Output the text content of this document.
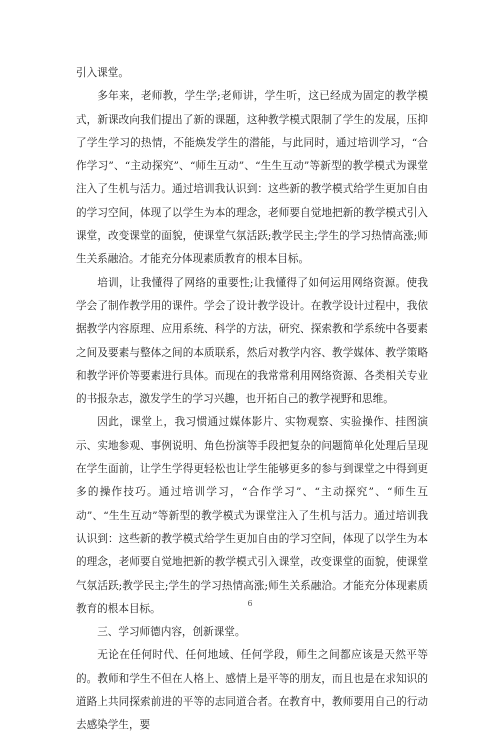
引入课堂。

多年来，老师教，学生学;老师讲，学生听，这已经成为固定的教学模式，新课改向我们提出了新的课题，这种教学模式限制了学生的发展，压抑了学生学习的热情，不能焕发学生的潜能，与此同时，通过培训学习，“合作学习”、“主动探究”、“师生互动”、“生生互动”等新型的教学模式为课堂注入了生机与活力。通过培训我认识到：这些新的教学模式给学生更加自由的学习空间，体现了以学生为本的理念，老师要自觉地把新的教学模式引入课堂，改变课堂的面貌，使课堂气氛活跃;教学民主;学生的学习热情高涨;师生关系融洽。才能充分体现素质教育的根本目标。

培训，让我懂得了网络的重要性;让我懂得了如何运用网络资源。使我学会了制作教学用的课件。学会了设计教学设计。在教学设计过程中，我依据教学内容原理、应用系统、科学的方法，研究、探索教和学系统中各要素之间及要素与整体之间的本质联系，然后对教学内容、教学媒体、教学策略和教学评价等要素进行具体。而现在的我常常利用网络资源、各类相关专业的书报杂志，激发学生的学习兴趣，也开拓自己的教学视野和思维。

因此，课堂上，我习惯通过媒体影片、实物观察、实验操作、挂图演示、实地参观、事例说明、角色扮演等手段把复杂的问题简单化处理后呈现在学生面前，让学生学得更轻松也让学生能够更多的参与到课堂之中得到更多的操作技巧。通过培训学习，“合作学习”、“主动探究”、“师生互动”、“生生互动”等新型的教学模式为课堂注入了生机与活力。通过培训我认识到：这些新的教学模式给学生更加自由的学习空间，体现了以学生为本的理念，老师要自觉地把新的教学模式引入课堂，改变课堂的面貌，使课堂气氛活跃;教学民主;学生的学习热情高涨;师生关系融洽。才能充分体现素质教育的根本目标。

三、学习师德内容，创新课堂。

无论在任何时代、任何地域、任何学段，师生之间都应该是天然平等的。教师和学生不但在人格上、感情上是平等的朋友，而且也是在求知识的道路上共同探索前进的平等的志同道合者。在教育中，教师要用自己的行动去感染学生，要

6
